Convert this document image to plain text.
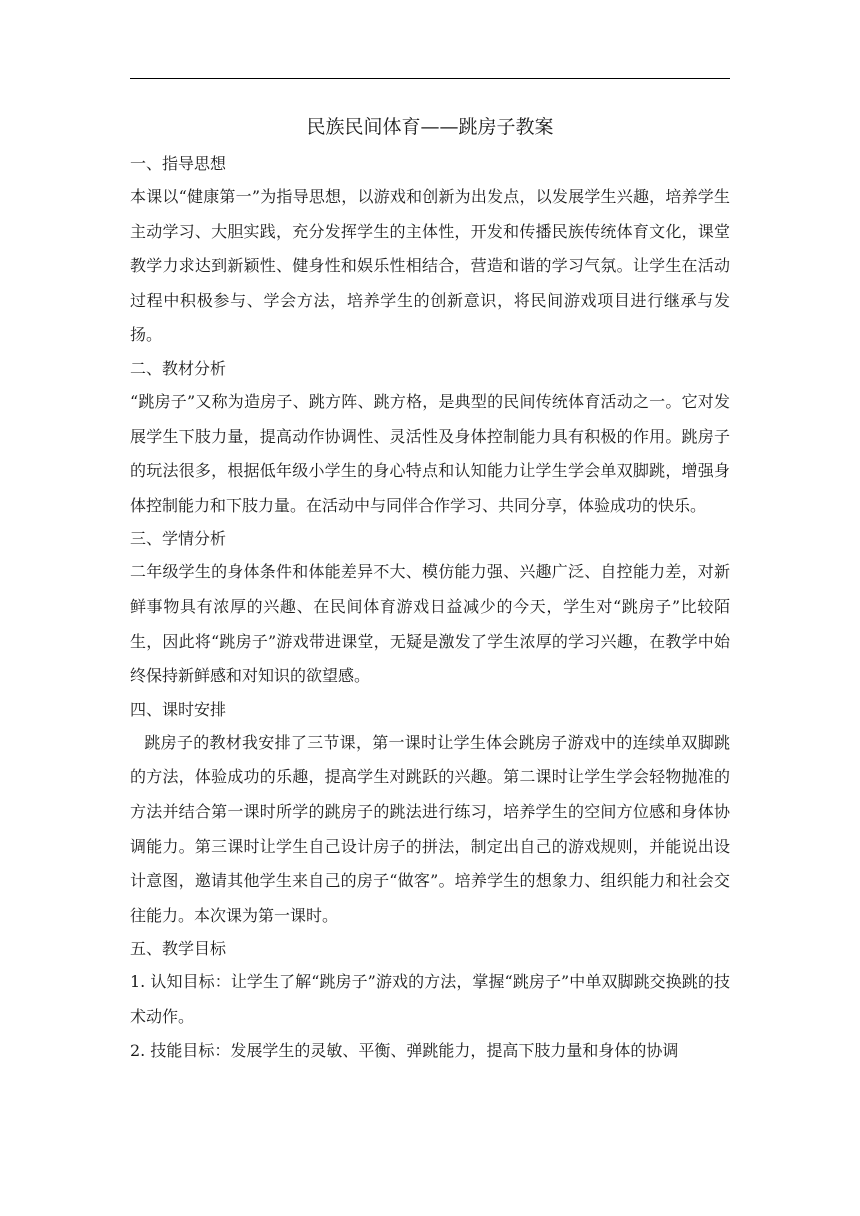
民族民间体育——跳房子教案
一、指导思想

本课以“健康第一”为指导思想，以游戏和创新为出发点，以发展学生兴趣，培养学生主动学习、大胆实践，充分发挥学生的主体性，开发和传播民族传统体育文化，课堂教学力求达到新颖性、健身性和娱乐性相结合，营造和谐的学习气氛。让学生在活动过程中积极参与、学会方法，培养学生的创新意识，将民间游戏项目进行继承与发扬。

二、教材分析

“跳房子”又称为造房子、跳方阵、跳方格，是典型的民间传统体育活动之一。它对发展学生下肢力量，提高动作协调性、灵活性及身体控制能力具有积极的作用。跳房子的玩法很多，根据低年级小学生的身心特点和认知能力让学生学会单双脚跳，增强身体控制能力和下肢力量。在活动中与同伴合作学习、共同分享，体验成功的快乐。

三、学情分析

二年级学生的身体条件和体能差异不大、模仿能力强、兴趣广泛、自控能力差，对新鲜事物具有浓厚的兴趣、在民间体育游戏日益减少的今天，学生对“跳房子”比较陌生，因此将“跳房子”游戏带进课堂，无疑是激发了学生浓厚的学习兴趣，在教学中始终保持新鲜感和对知识的欲望感。

四、课时安排

跳房子的教材我安排了三节课，第一课时让学生体会跳房子游戏中的连续单双脚跳的方法，体验成功的乐趣，提高学生对跳跃的兴趣。第二课时让学生学会轻物抛准的方法并结合第一课时所学的跳房子的跳法进行练习，培养学生的空间方位感和身体协调能力。第三课时让学生自己设计房子的拼法，制定出自己的游戏规则，并能说出设计意图，邀请其他学生来自己的房子“做客”。培养学生的想象力、组织能力和社会交往能力。本次课为第一课时。

五、教学目标

1. 认知目标：让学生了解“跳房子”游戏的方法，掌握“跳房子”中单双脚跳交换跳的技术动作。

2. 技能目标：发展学生的灵敏、平衡、弹跳能力，提高下肢力量和身体的协调
